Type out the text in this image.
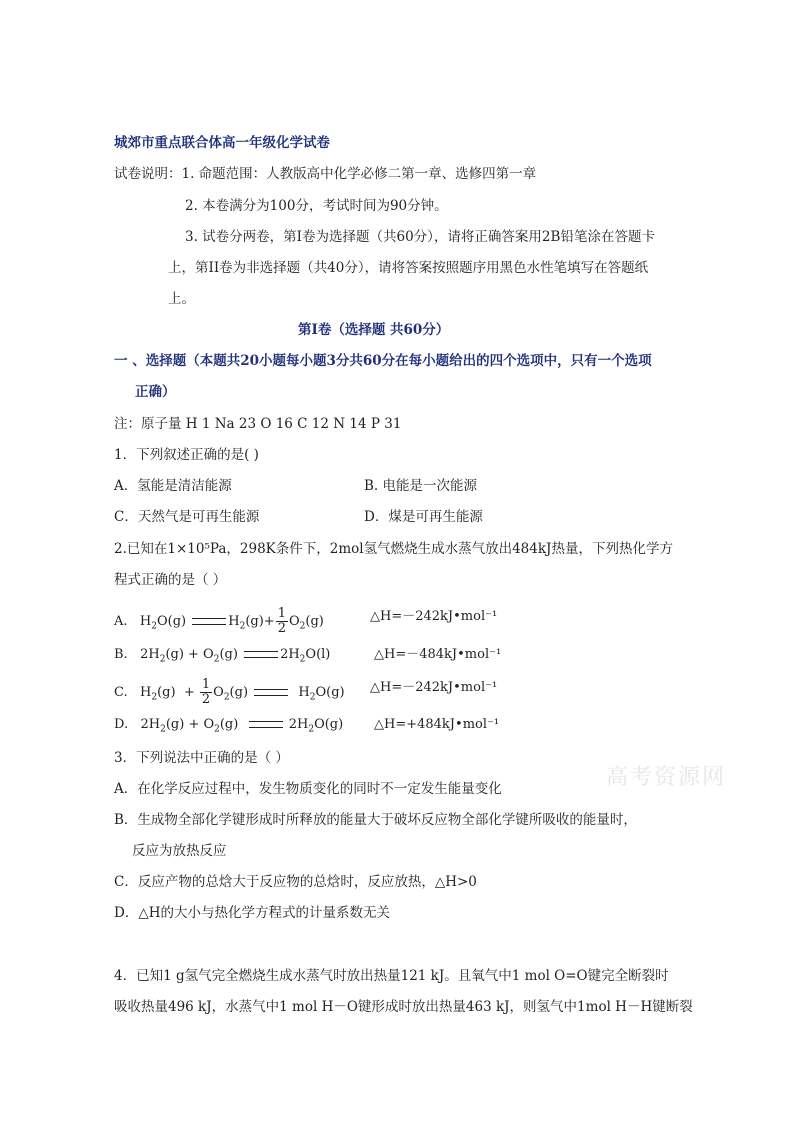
城郊市重点联合体高一年级化学试卷
试卷说明：1. 命题范围：人教版高中化学必修二第一章、选修四第一章
2. 本卷满分为100分，考试时间为90分钟。
3. 试卷分两卷，第Ⅰ卷为选择题（共60分），请将正确答案用2B铅笔涂在答题卡
上，第II卷为非选择题（共40分），请将答案按照题序用黑色水性笔填写在答题纸
上。
第Ⅰ卷（选择题 共60分）
一 、选择题（本题共20小题每小题3分共60分在每小题给出的四个选项中，只有一个选项
正确）
注：原子量 H 1 Na 23 O 16 C 12 N 14 P 31
1．下列叙述正确的是( )
A．氢能是清洁能源	B. 电能是一次能源
C．天然气是可再生能源	D．煤是可再生能源
2.已知在1×10⁵Pa，298K条件下，2mol氢气燃烧生成水蒸气放出484kJ热量，下列热化学方
程式正确的是（ ）
A.   $H_2O(g)$	$H_2(g)+ \frac{1}{2} O_2(g)$	△H=－242kJ•mol⁻¹
B.   $2H_2(g) + O_2(g)$	$2H_2O(l)$	△H=－484kJ•mol⁻¹
C.   $H_2(g) + \frac{1}{2} O_2(g)$	$H_2O(g)$ △H=－242kJ•mol⁻¹
D.   $2H_2(g) + O_2(g)$	$2H_2O(g)$ △H=+484kJ•mol⁻¹
3．下列说法中正确的是（ ）
A．在化学反应过程中，发生物质变化的同时不一定发生能量变化
B．生成物全部化学键形成时所释放的能量大于破坏反应物全部化学键所吸收的能量时，
反应为放热反应
C．反应产物的总焓大于反应物的总焓时，反应放热，△H>0
D．△H的大小与热化学方程式的计量系数无关
4．已知1 g氢气完全燃烧生成水蒸气时放出热量121 kJ。且氧气中1 mol O=O键完全断裂时
吸收热量496 kJ，水蒸气中1 mol H－O键形成时放出热量463 kJ，则氢气中1mol H－H键断裂
高考资源网
